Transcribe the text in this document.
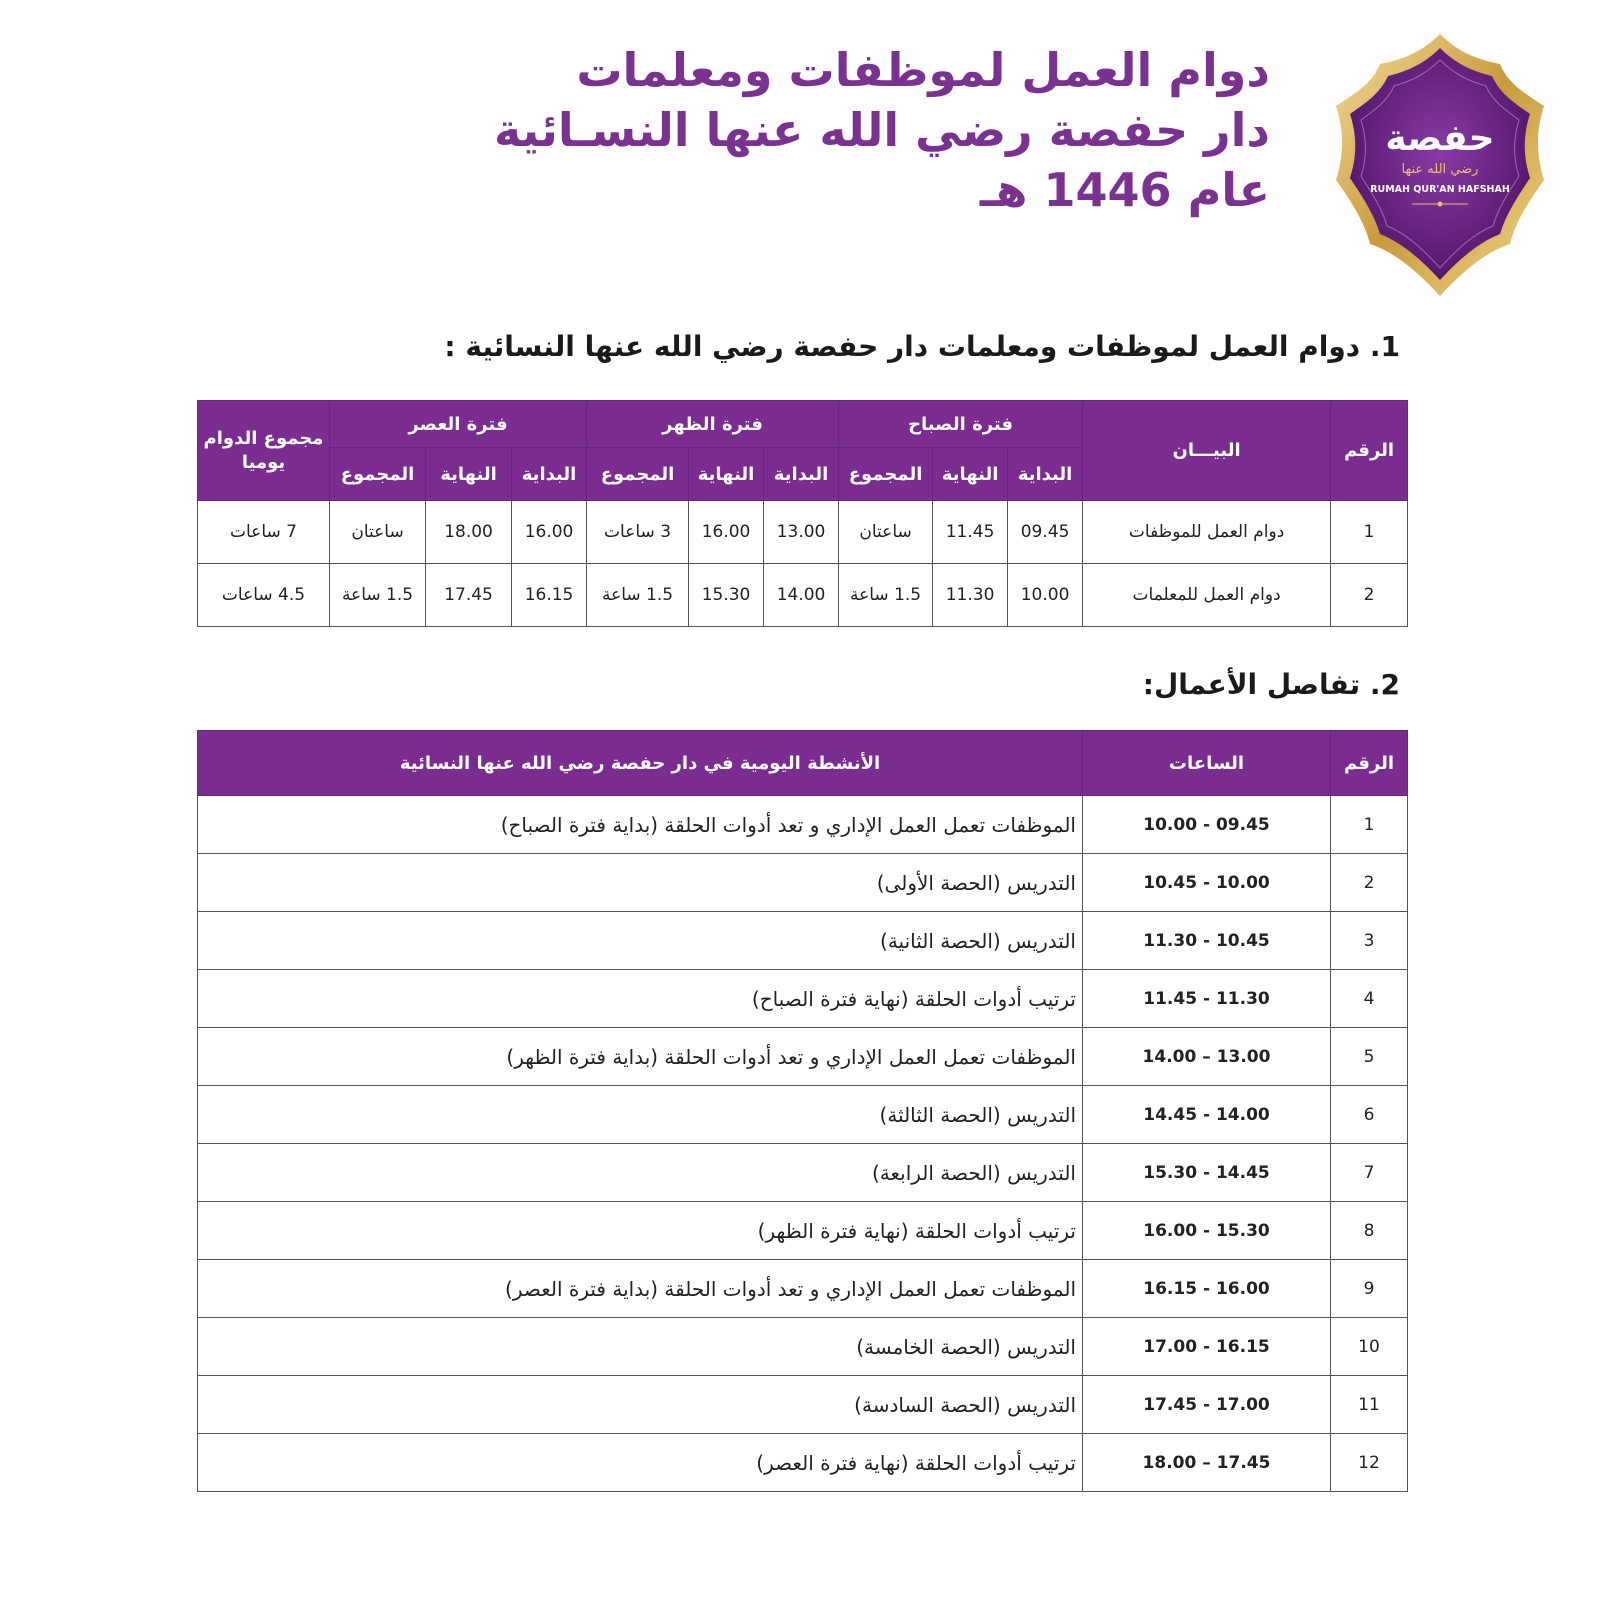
حفصة
رضي الله عنها
RUMAH QUR'AN HAFSHAH
دوام العمل لموظفات ومعلمات
دار حفصة رضي الله عنها النسـائية
عام 1446 هـ
1. دوام العمل لموظفات ومعلمات دار حفصة رضي الله عنها النسائية :
الرقم	البيـــان	فترة الصباح			فترة الظهر			فترة العصر			مجموع الدوام يوميا
		البداية	النهاية	المجموع	البداية	النهاية	المجموع	البداية	النهاية	المجموع	
1	دوام العمل للموظفات	09.45	11.45	ساعتان	13.00	16.00	3 ساعات	16.00	18.00	ساعتان	7 ساعات
2	دوام العمل للمعلمات	10.00	11.30	1.5 ساعة	14.00	15.30	1.5 ساعة	16.15	17.45	1.5 ساعة	4.5 ساعات
2. تفاصل الأعمال:
الرقم	الساعات	الأنشطة اليومية في دار حفصة رضي الله عنها النسائية
1	09.45 - 10.00	الموظفات تعمل العمل الإداري و تعد أدوات الحلقة (بداية فترة الصباح)
2	10.00 - 10.45	التدريس (الحصة الأولى)
3	10.45 - 11.30	التدريس (الحصة الثانية)
4	11.30 - 11.45	ترتيب أدوات الحلقة (نهاية فترة الصباح)
5	13.00 – 14.00	الموظفات تعمل العمل الإداري و تعد أدوات الحلقة (بداية فترة الظهر)
6	14.00 - 14.45	التدريس (الحصة الثالثة)
7	14.45 - 15.30	التدريس (الحصة الرابعة)
8	15.30 - 16.00	ترتيب أدوات الحلقة (نهاية فترة الظهر)
9	16.00 - 16.15	الموظفات تعمل العمل الإداري و تعد أدوات الحلقة (بداية فترة العصر)
10	16.15 - 17.00	التدريس (الحصة الخامسة)
11	17.00 - 17.45	التدريس (الحصة السادسة)
12	17.45 – 18.00	ترتيب أدوات الحلقة (نهاية فترة العصر)
